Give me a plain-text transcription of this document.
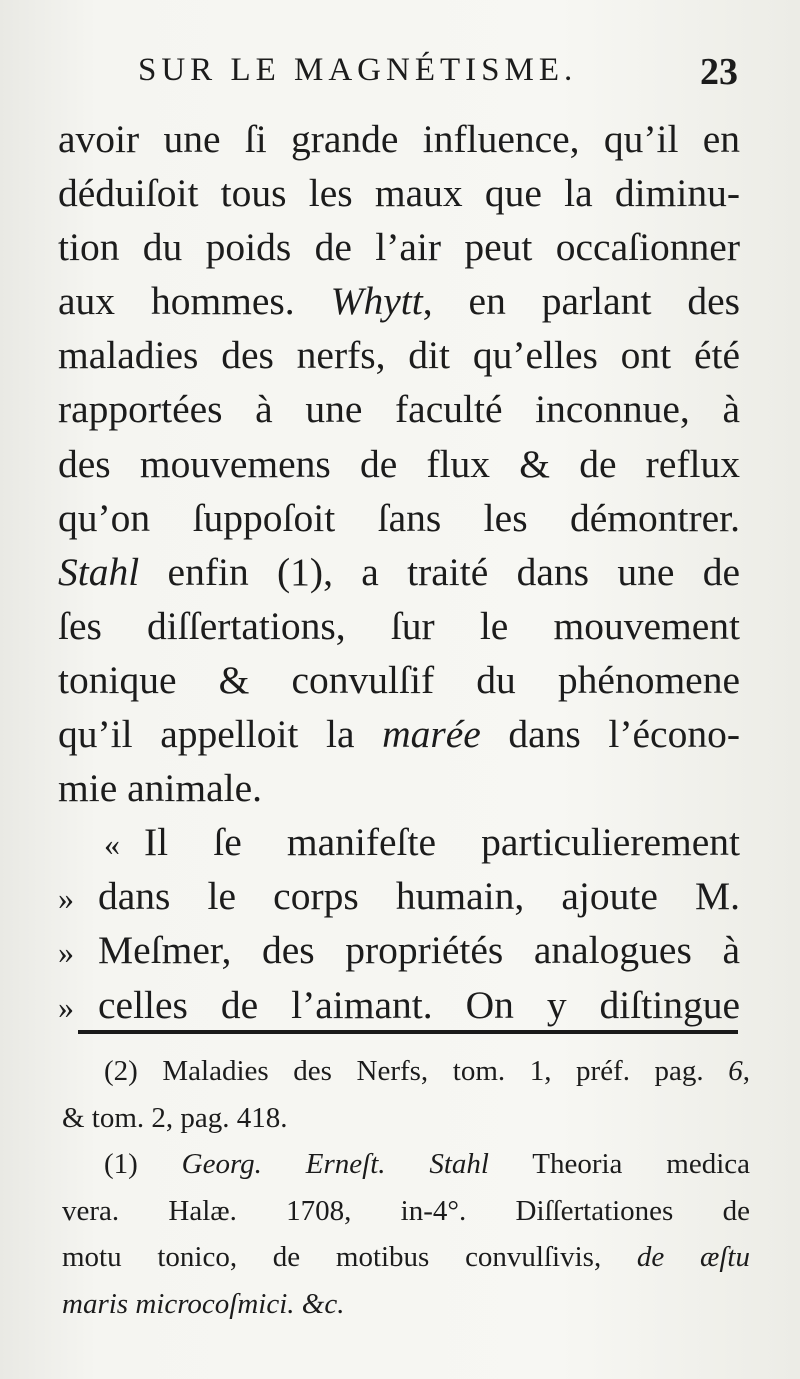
SUR LE MAGNÉTISME.	23
avoir une ſi grande influence, qu’il en
déduiſoit tous les maux que la diminu-
tion du poids de l’air peut occaſionner
aux hommes. Whytt, en parlant des
maladies des nerfs, dit qu’elles ont été
rapportées à une faculté inconnue, à
des mouvemens de flux & de reflux
qu’on ſuppoſoit ſans les démontrer.
Stahl enfin (1), a traité dans une de
ſes diſſertations, ſur le mouvement
tonique & convulſif du phénomene
qu’il appelloit la marée dans l’écono-
mie animale.
« Il ſe manifeſte particulierement
» dans le corps humain, ajoute M.
» Meſmer, des propriétés analogues à
» celles de l’aimant. On y diſtingue
(2) Maladies des Nerfs, tom. 1, préf. pag. 6,
& tom. 2, pag. 418.
(1) Georg. Erneſt. Stahl Theoria medica
vera. Halæ. 1708, in-4°. Diſſertationes de
motu tonico, de motibus convulſivis, de æſtu
maris microcoſmici. &c.
